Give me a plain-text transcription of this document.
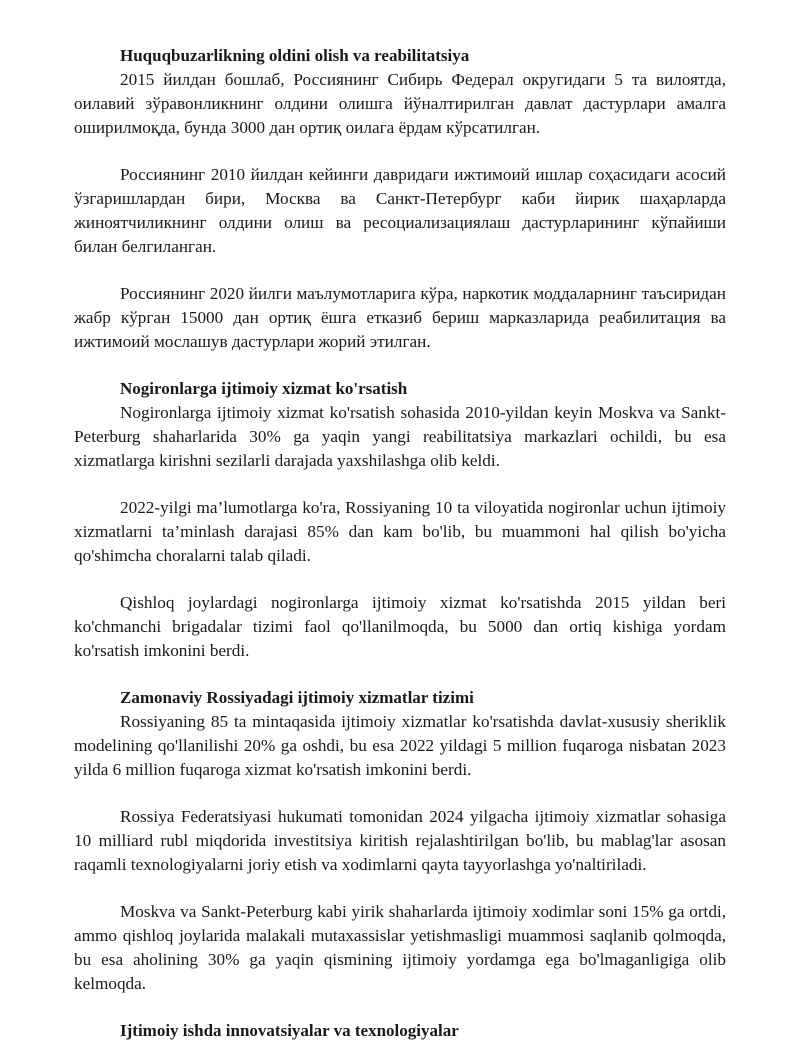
Huquqbuzarlikning oldini olish va reabilitatsiya

2015 йилдан бошлаб, Россиянинг Сибирь Федерал округидаги 5 та вилоятда, оилавий зўравонликнинг олдини олишга йўналтирилган давлат дастурлари амалга оширилмоқда, бунда 3000 дан ортиқ оилага ёрдам кўрсатилган.

Россиянинг 2010 йилдан кейинги давридаги ижтимоий ишлар соҳасидаги асосий ўзгаришлардан бири, Москва ва Санкт-Петербург каби йирик шаҳарларда жиноятчиликнинг олдини олиш ва ресоциализациялаш дастурларининг кўпайиши билан белгиланган.

Россиянинг 2020 йилги маълумотларига кўра, наркотик моддаларнинг таъсиридан жабр кўрган 15000 дан ортиқ ёшга етказиб бериш марказларида реабилитация ва ижтимоий мослашув дастурлари жорий этилган.

Nogironlarga ijtimoiy xizmat ko'rsatish

Nogironlarga ijtimoiy xizmat ko'rsatish sohasida 2010-yildan keyin Moskva va Sankt-Peterburg shaharlarida 30% ga yaqin yangi reabilitatsiya markazlari ochildi, bu esa xizmatlarga kirishni sezilarli darajada yaxshilashga olib keldi.

2022-yilgi ma’lumotlarga ko'ra, Rossiyaning 10 ta viloyatida nogironlar uchun ijtimoiy xizmatlarni ta’minlash darajasi 85% dan kam bo'lib, bu muammoni hal qilish bo'yicha qo'shimcha choralarni talab qiladi.

Qishloq joylardagi nogironlarga ijtimoiy xizmat ko'rsatishda 2015 yildan beri ko'chmanchi brigadalar tizimi faol qo'llanilmoqda, bu 5000 dan ortiq kishiga yordam ko'rsatish imkonini berdi.

Zamonaviy Rossiyadagi ijtimoiy xizmatlar tizimi

Rossiyaning 85 ta mintaqasida ijtimoiy xizmatlar ko'rsatishda davlat-xususiy sheriklik modelining qo'llanilishi 20% ga oshdi, bu esa 2022 yildagi 5 million fuqaroga nisbatan 2023 yilda 6 million fuqaroga xizmat ko'rsatish imkonini berdi.

Rossiya Federatsiyasi hukumati tomonidan 2024 yilgacha ijtimoiy xizmatlar sohasiga 10 milliard rubl miqdorida investitsiya kiritish rejalashtirilgan bo'lib, bu mablag'lar asosan raqamli texnologiyalarni joriy etish va xodimlarni qayta tayyorlashga yo'naltiriladi.

Moskva va Sankt-Peterburg kabi yirik shaharlarda ijtimoiy xodimlar soni 15% ga ortdi, ammo qishloq joylarida malakali mutaxassislar yetishmasligi muammosi saqlanib qolmoqda, bu esa aholining 30% ga yaqin qismining ijtimoiy yordamga ega bo'lmaganligiga olib kelmoqda.

Ijtimoiy ishda innovatsiyalar va texnologiyalar
